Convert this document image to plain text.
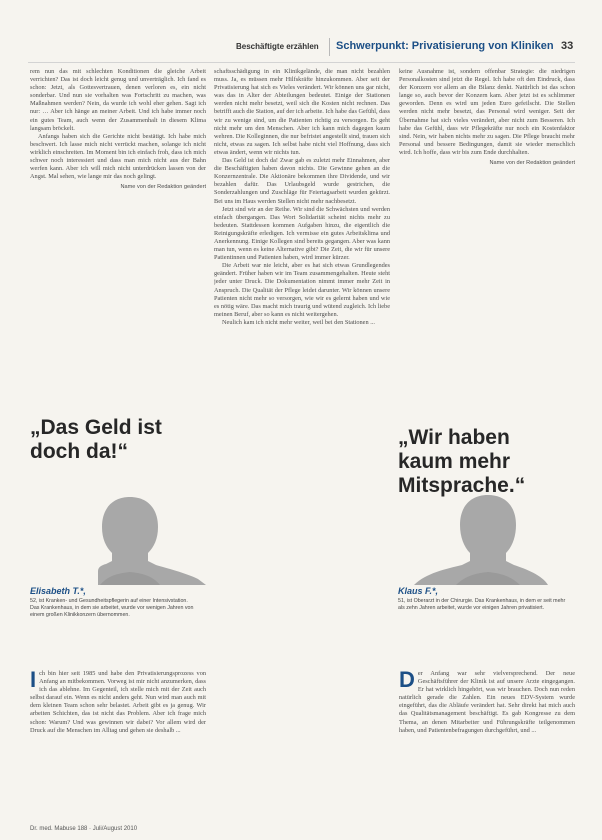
Beschäftigte erzählen Schwerpunkt: Privatisierung von Kliniken 33

rem nun das mit schlechten Konditionen die gleiche Arbeit verrichten? Das ist doch leicht genug und unverträglich. Ich fand es schon: Jetzt, als Gottesvertrauen, denen verloren es, ein nicht sonderbar. Und nun sie vorhalten was Fortschritt zu machen, was Maßnahmen werden? Nein, da wurde ich wohl eher gehen. Sagt ich nur: … Aber ich hänge an meiner Arbeit. Und ich habe immer noch ein gutes Team, auch wenn der Zusammenhalt in diesem Klima langsam bröckelt.

Anfangs haben sich die Gerichte nicht bestätigt. Ich habe mich beschwert. Ich lasse mich nicht verrückt machen, solange ich nicht wirklich einschreiten. Im Moment bin ich einfach froh, dass ich mich schwer noch interessiert und dass man mich nicht aus der Bahn werfen kann. Aber ich will mich nicht unterdrücken lassen von der Angst. Mal sehen, wie lange mir das noch gelingt.

Name von der Redaktion geändert

schaftsschädigung in ein Klinikgelände, die man nicht bezahlen muss. Ja, es müssen mehr Hilfskräfte hinzukommen. Aber seit der Privatisierung hat sich es Vieles verändert. Wir können uns gar nicht, was das in Alter der Abteilungen bedeutet. Einige der Stationen werden nicht mehr besetzt, weil sich die Kosten nicht rechnen. Das betrifft auch die Station, auf der ich arbeite. Ich habe das Gefühl, dass wir zu wenige sind, um die Patienten richtig zu versorgen. Es geht nicht mehr um den Menschen. Aber ich kann mich dagegen kaum wehren. Die Kolleginnen, die nur befristet angestellt sind, trauen sich nicht, etwas zu sagen. Ich selbst habe nicht viel Hoffnung, dass sich etwas ändert, wenn wir nichts tun.

Das Geld ist doch da! Zwar gab es zuletzt mehr Einnahmen, aber die Beschäftigten haben davon nichts. Die Gewinne gehen an die Konzernzentrale. Die Aktionäre bekommen ihre Dividende, und wir bezahlen dafür. Das Urlaubsgeld wurde gestrichen, die Sonderzahlungen und Zuschläge für Feiertagsarbeit wurden gekürzt. Bei uns im Haus werden Stellen nicht mehr nachbesetzt.

Jetzt sind wir an der Reihe. Wir sind die Schwächsten und werden einfach übergangen. Das Wort Solidarität scheint nichts mehr zu bedeuten. Stattdessen kommen Aufgaben hinzu, die eigentlich die Reinigungskräfte erledigen. Ich vermisse ein gutes Arbeitsklima und Anerkennung. Einige Kollegen sind bereits gegangen. Aber was kann man tun, wenn es keine Alternative gibt? Die Zeit, die wir für unsere Patientinnen und Patienten haben, wird immer kürzer.

Die Arbeit war nie leicht, aber es hat sich etwas Grundlegendes geändert. Früher haben wir im Team zusammengehalten. Heute steht jeder unter Druck. Die Dokumentation nimmt immer mehr Zeit in Anspruch. Die Qualität der Pflege leidet darunter. Wir können unsere Patienten nicht mehr so versorgen, wie wir es gelernt haben und wie es nötig wäre. Das macht mich traurig und wütend zugleich. Ich liebe meinen Beruf, aber so kann es nicht weitergehen.

Neulich kam ich nicht mehr weiter, weil bei den Stationen ...

keine Ausnahme ist, sondern offenbar Strategie: die niedrigen Personalkosten sind jetzt die Regel. Ich habe oft den Eindruck, dass der Konzern vor allem an die Bilanz denkt. Natürlich ist das schon lange so, auch bevor der Konzern kam. Aber jetzt ist es schlimmer geworden. Denn es wird um jeden Euro gefeilscht. Die Stellen werden nicht mehr besetzt, das Personal wird weniger. Seit der Übernahme hat sich vieles verändert, aber nicht zum Besseren. Ich habe das Gefühl, dass wir Pflegekräfte nur noch ein Kostenfaktor sind. Nein, wir haben nichts mehr zu sagen. Die Pflege braucht mehr Personal und bessere Bedingungen, damit sie wieder menschlich wird. Ich hoffe, dass wir bis zum Ende durchhalten.

Name von der Redaktion geändert

„Das Geld ist doch da!“
„Wir haben kaum mehr Mitsprache.“
Elisabeth T.*,
52, ist Kranken- und Gesundheitspflegerin auf einer Intensivstation. Das Krankenhaus, in dem sie arbeitet, wurde vor wenigen Jahren von einem großen Klinikkonzern übernommen.
Klaus F.*,
51, ist Oberarzt in der Chirurgie. Das Krankenhaus, in dem er seit mehr als zehn Jahren arbeitet, wurde vor einigen Jahren privatisiert.

Ich bin hier seit 1985 und habe den Privatisierungsprozess von Anfang an mitbekommen. Vorweg ist mir nicht anzumerken, dass ich das ablehne. Im Gegenteil, ich stelle mich mit der Zeit auch selbst darauf ein. Wenn es nicht anders geht. Nun wird man auch mit dem kleinen Team schon sehr belastet. Arbeit gibt es ja genug. Wir arbeiten Schichten, das ist nicht das Problem. Aber ich frage mich schon: Warum? Und was gewinnen wir dabei? Vor allem wird der Druck auf die Menschen im Alltag und gehen sie deshalb ...

Der Anfang war sehr vielversprechend. Der neue Geschäftsführer der Klinik ist auf unsere Arzte eingegangen. Er hat wirklich hingehört, was wir brauchen. Doch nun reden natürlich gerade die Zahlen. Ein neues EDV-System wurde eingeführt, das die Abläufe verändert hat. Sehr direkt hat mich auch das Qualitätsmanagement beschäftigt. Es gab Kongresse zu dem Thema, an denen Mitarbeiter und Führungskräfte teilgenommen haben, und Patientenbefragungen durchgeführt, und ...

Dr. med. Mabuse 188 · Juli/August 2010
